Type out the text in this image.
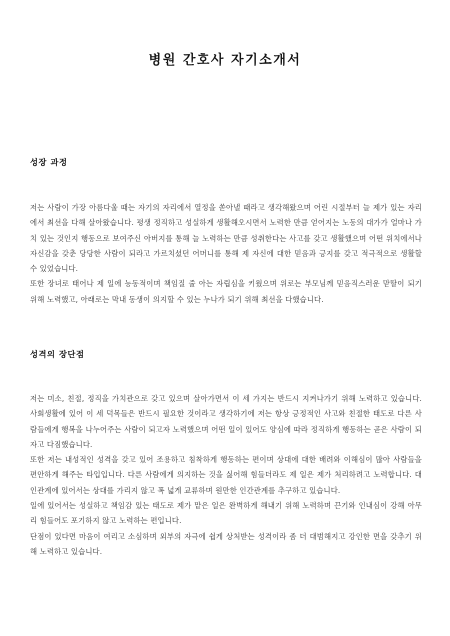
병원 간호사 자기소개서
성장 과정

저는 사람이 가장 아름다울 때는 자기의 자리에서 열정을 쏟아낼 때라고 생각해왔으며 어린 시절부터 늘 제가 있는 자리에서 최선을 다해 살아왔습니다. 평생 정직하고 성실하게 생활해오시면서 노력한 만큼 얻어지는 노동의 대가가 얼마나 가치 있는 것인지 행동으로 보여주신 아버지를 통해 늘 노력하는 만큼 성취한다는 사고를 갖고 생활했으며 어떤 위치에서나 자신감을 갖춘 당당한 사람이 되라고 가르치셨던 어머니를 통해 제 자신에 대한 믿음과 긍지를 갖고 적극적으로 생활할 수 있었습니다.

또한 장녀로 태어나 제 일에 능동적이며 책임질 줄 아는 자립심을 키웠으며 위로는 부모님께 믿음직스러운 맏딸이 되기 위해 노력했고, 아래로는 막내 동생이 의지할 수 있는 누나가 되기 위해 최선을 다했습니다.

성격의 장단점

저는 미소, 친절, 정직을 가치관으로 갖고 있으며 살아가면서 이 세 가지는 반드시 지켜나가기 위해 노력하고 있습니다. 사회생활에 있어 이 세 덕목들은 반드시 필요한 것이라고 생각하기에 저는 항상 긍정적인 사고와 친절한 태도로 다른 사람들에게 행복을 나누어주는 사람이 되고자 노력했으며 어떤 일이 있어도 양심에 따라 정직하게 행동하는 곧은 사람이 되자고 다짐했습니다.

또한 저는 내성적인 성격을 갖고 있어 조용하고 침착하게 행동하는 편이며 상대에 대한 배려와 이해심이 많아 사람들을 편안하게 해주는 타입입니다. 다른 사람에게 의지하는 것을 싫어해 힘들더라도 제 일은 제가 처리하려고 노력합니다. 대인관계에 있어서는 상대를 가리지 않고 폭 넓게 교류하며 원만한 인간관계를 추구하고 있습니다.

일에 있어서는 성실하고 책임감 있는 태도로 제가 맡은 일은 완벽하게 해내기 위해 노력하며 끈기와 인내심이 강해 아무리 힘들어도 포기하지 않고 노력하는 편입니다.

단점이 있다면 마음이 여리고 소심하며 외부의 자극에 쉽게 상처받는 성격이라 좀 더 대범해지고 강인한 면을 갖추기 위해 노력하고 있습니다.
